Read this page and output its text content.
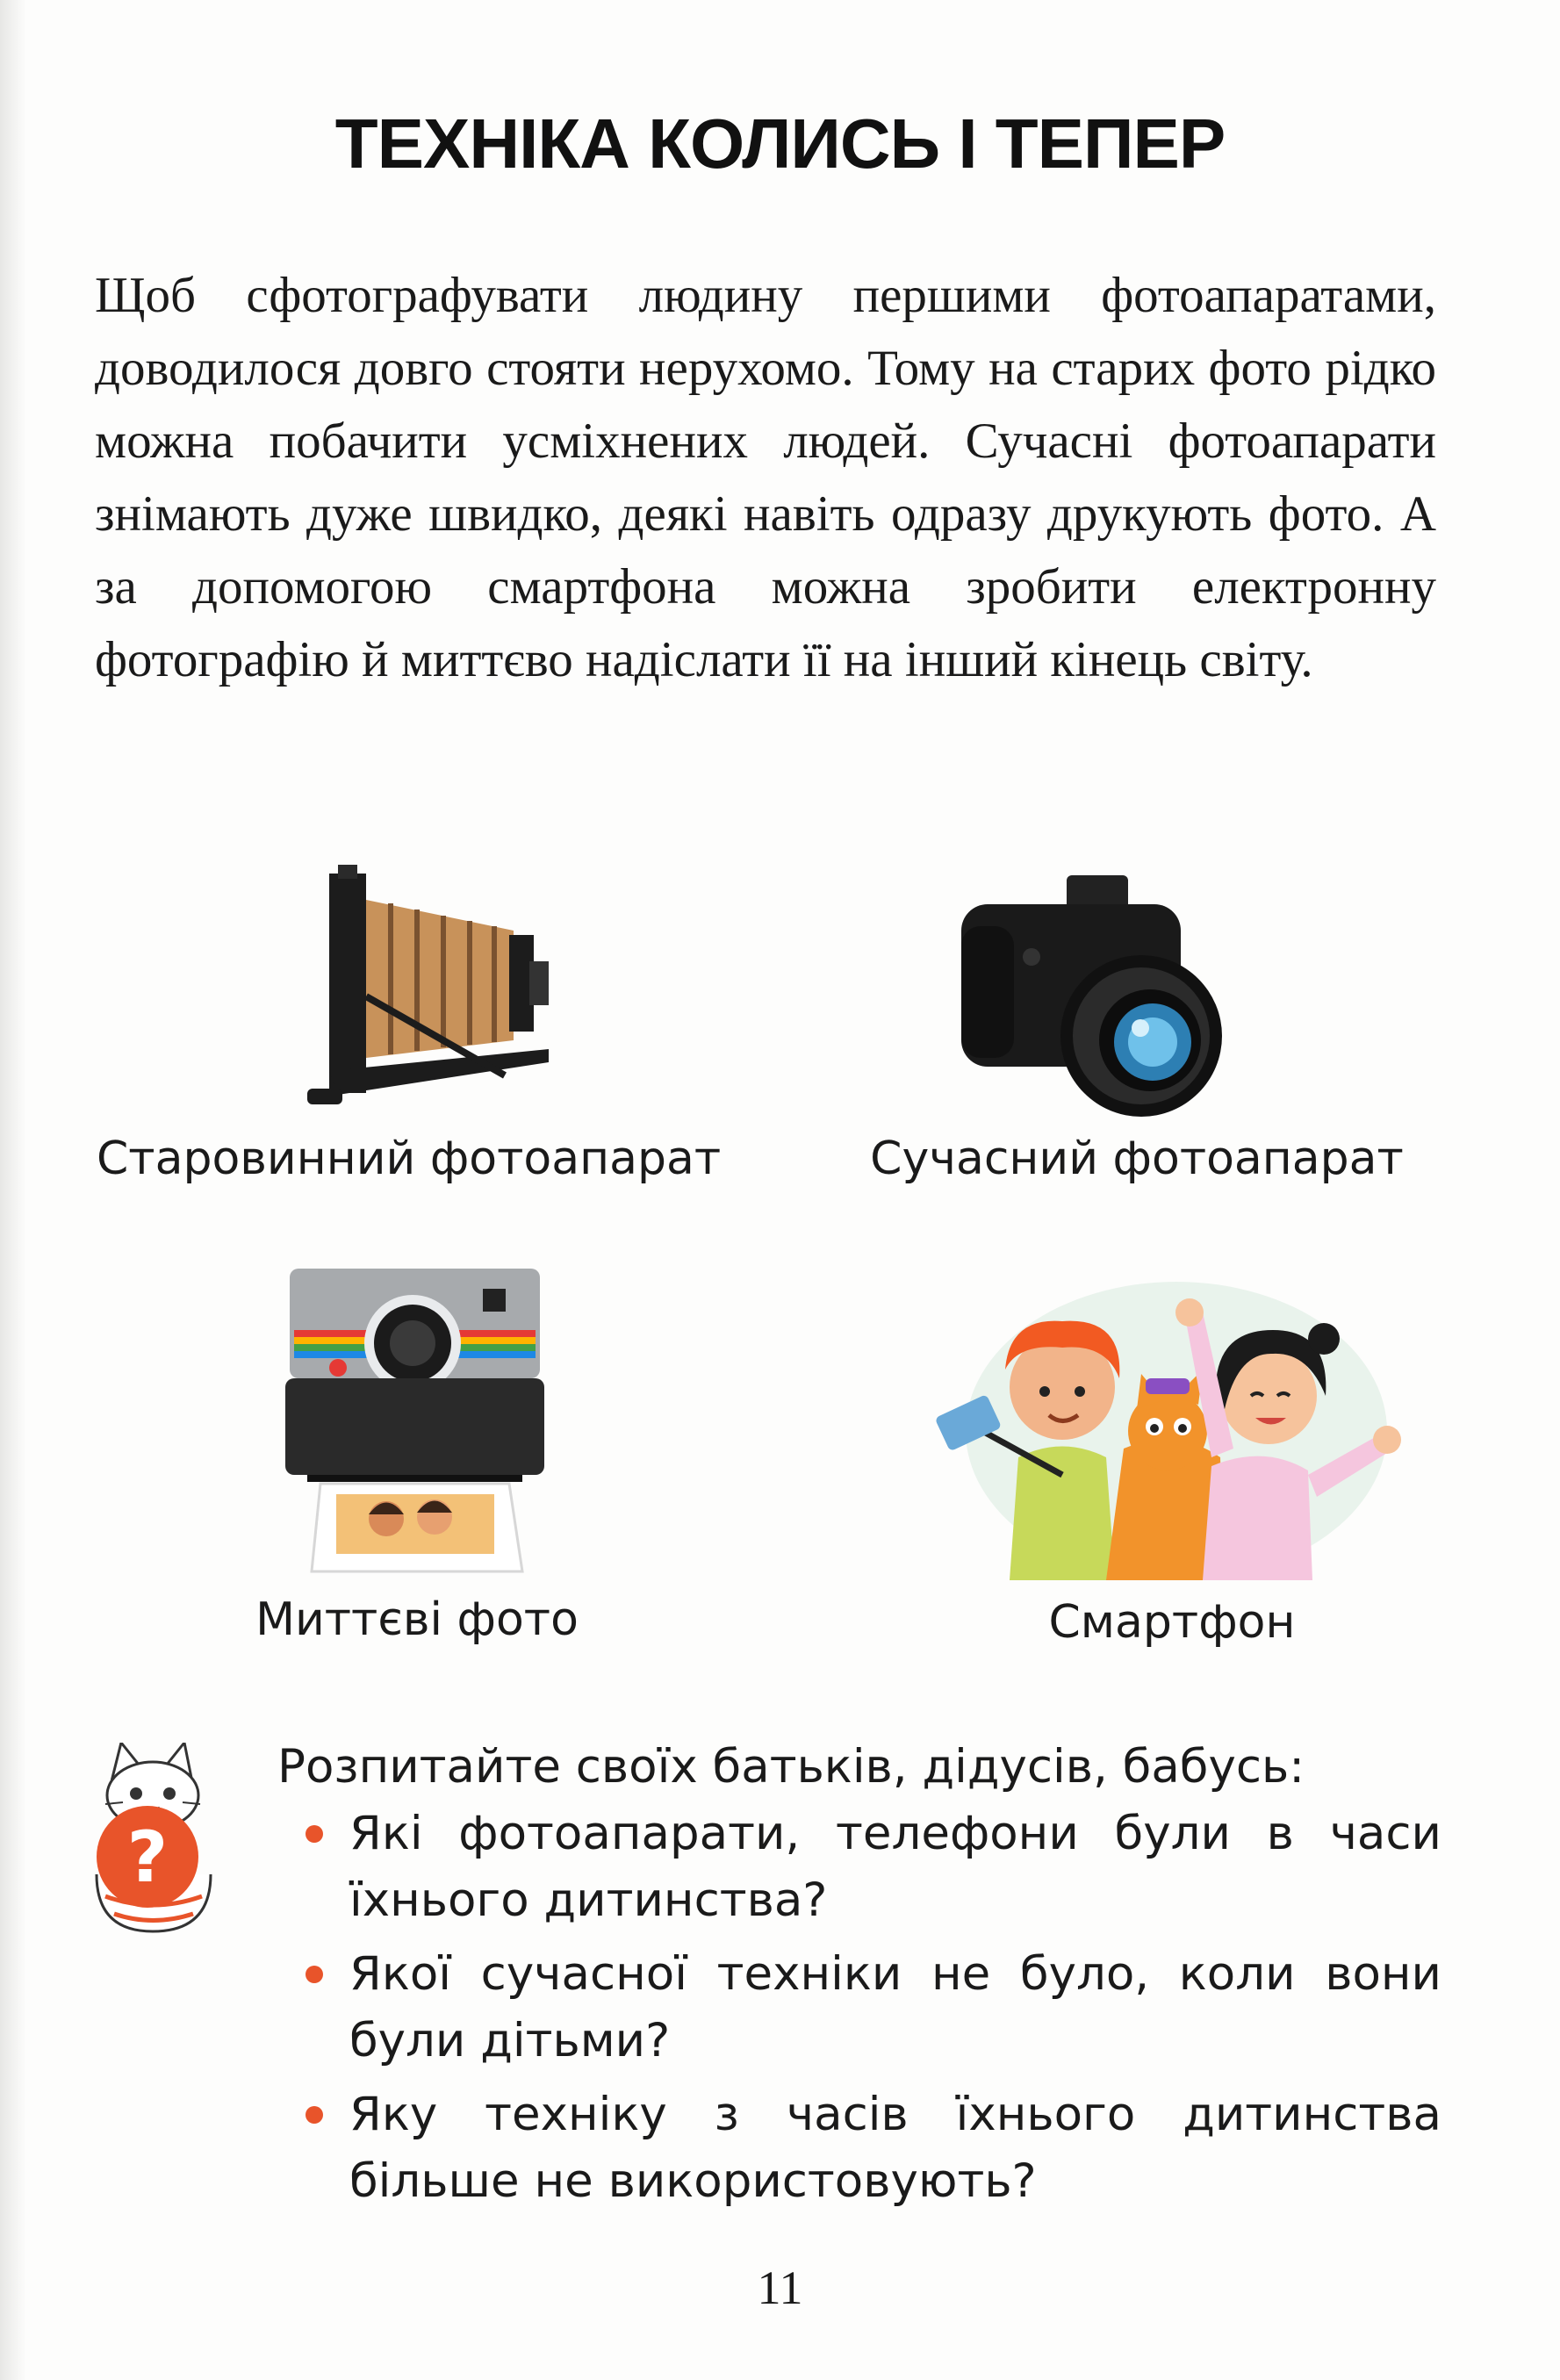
ТЕХНІКА КОЛИСЬ І ТЕПЕР

Щоб сфотографувати людину першими фотоапаратами, доводилося довго стояти нерухомо. Тому на старих фото рідко можна побачити усміхнених людей. Сучасні фотоапарати знімають дуже швидко, деякі навіть одразу друкують фото. А за допомогою смартфона можна зробити електронну фотографію й миттєво надіслати її на інший кінець світу.

Старовинний фотоапарат	Сучасний фотоапарат
Миттєві фото	Смартфон
?

Розпитайте своїх батьків, дідусів, бабусь:

Які фотоапарати, телефони були в часи їхнього дитинства?
Якої сучасної техніки не було, коли вони були дітьми?
Яку техніку з часів їхнього дитинства більше не використовують?
11
